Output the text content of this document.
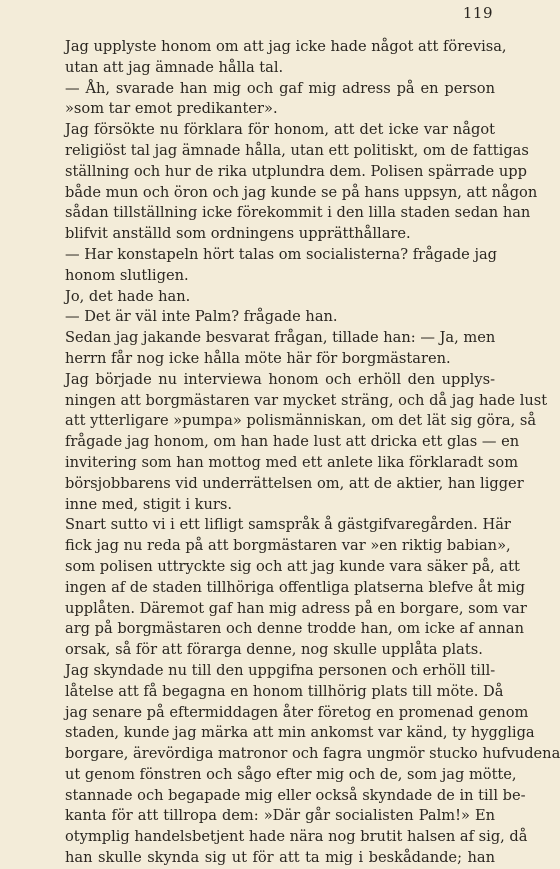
119
Jag upplyste honom om att jag icke hade något att förevisa,
utan att jag ämnade hålla tal.
— Åh, svarade han mig och gaf mig adress på en person
»som tar emot predikanter».
Jag försökte nu förklara för honom, att det icke var något
religiöst tal jag ämnade hålla, utan ett politiskt, om de fattigas
ställning och hur de rika utplundra dem. Polisen spärrade upp
både mun och öron och jag kunde se på hans uppsyn, att någon
sådan tillställning icke förekommit i den lilla staden sedan han
blifvit anställd som ordningens upprätthållare.
— Har konstapeln hört talas om socialisterna? frågade jag
honom slutligen.
Jo, det hade han.
— Det är väl inte Palm? frågade han.
Sedan jag jakande besvarat frågan, tillade han: — Ja, men
herrn får nog icke hålla möte här för borgmästaren.
Jag började nu interviewa honom och erhöll den upplys-
ningen att borgmästaren var mycket sträng, och då jag hade lust
att ytterligare »pumpa» polismänniskan, om det lät sig göra, så
frågade jag honom, om han hade lust att dricka ett glas — en
invitering som han mottog med ett anlete lika förklaradt som
börsjobbarens vid underrättelsen om, att de aktier, han ligger
inne med, stigit i kurs.
Snart sutto vi i ett lifligt samspråk å gästgifvaregården. Här
fick jag nu reda på att borgmästaren var »en riktig babian»,
som polisen uttryckte sig och att jag kunde vara säker på, att
ingen af de staden tillhöriga offentliga platserna blefve åt mig
upplåten. Däremot gaf han mig adress på en borgare, som var
arg på borgmästaren och denne trodde han, om icke af annan
orsak, så för att förarga denne, nog skulle upplåta plats.
Jag skyndade nu till den uppgifna personen och erhöll till-
låtelse att få begagna en honom tillhörig plats till möte. Då
jag senare på eftermiddagen åter företog en promenad genom
staden, kunde jag märka att min ankomst var känd, ty hyggliga
borgare, ärevördiga matronor och fagra ungmör stucko hufvudena
ut genom fönstren och sågo efter mig och de, som jag mötte,
stannade och begapade mig eller också skyndade de in till be-
kanta för att tillropa dem: »Där går socialisten Palm!» En
otymplig handelsbetjent hade nära nog brutit halsen af sig, då
han skulle skynda sig ut för att ta mig i beskådande; han
